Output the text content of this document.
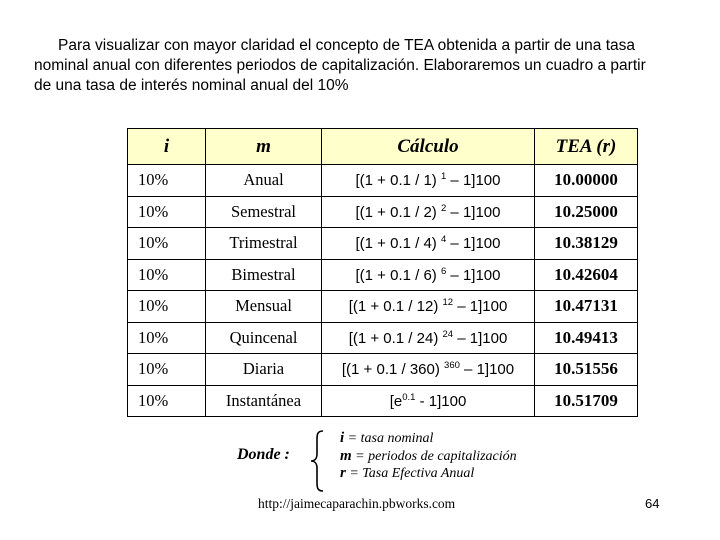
Para visualizar con mayor claridad el concepto de TEA obtenida a partir de una tasa
nominal anual con diferentes periodos de capitalización. Elaboraremos un cuadro a partir
de una tasa de interés nominal anual del 10%
i	m	Cálculo	TEA (r)
10%	Anual	[(1 + 0.1 / 1) $^1$ – 1]100	10.00000
10%	Semestral	[(1 + 0.1 / 2) $^2$ – 1]100	10.25000
10%	Trimestral	[(1 + 0.1 / 4) $^4$ – 1]100	10.38129
10%	Bimestral	[(1 + 0.1 / 6) $^6$ – 1]100	10.42604
10%	Mensual	[(1 + 0.1 / 12) $^{12}$ – 1]100	10.47131
10%	Quincenal	[(1 + 0.1 / 24) $^{24}$ – 1]100	10.49413
10%	Diaria	[(1 + 0.1 / 360) $^{360}$ – 1]100	10.51556
10%	Instantánea	$[e^{0.1} - 1]100$	10.51709
Donde :
i = tasa nominal
m = periodos de capitalización
r = Tasa Efectiva Anual
http://jaimecaparachin.pbworks.com	64
